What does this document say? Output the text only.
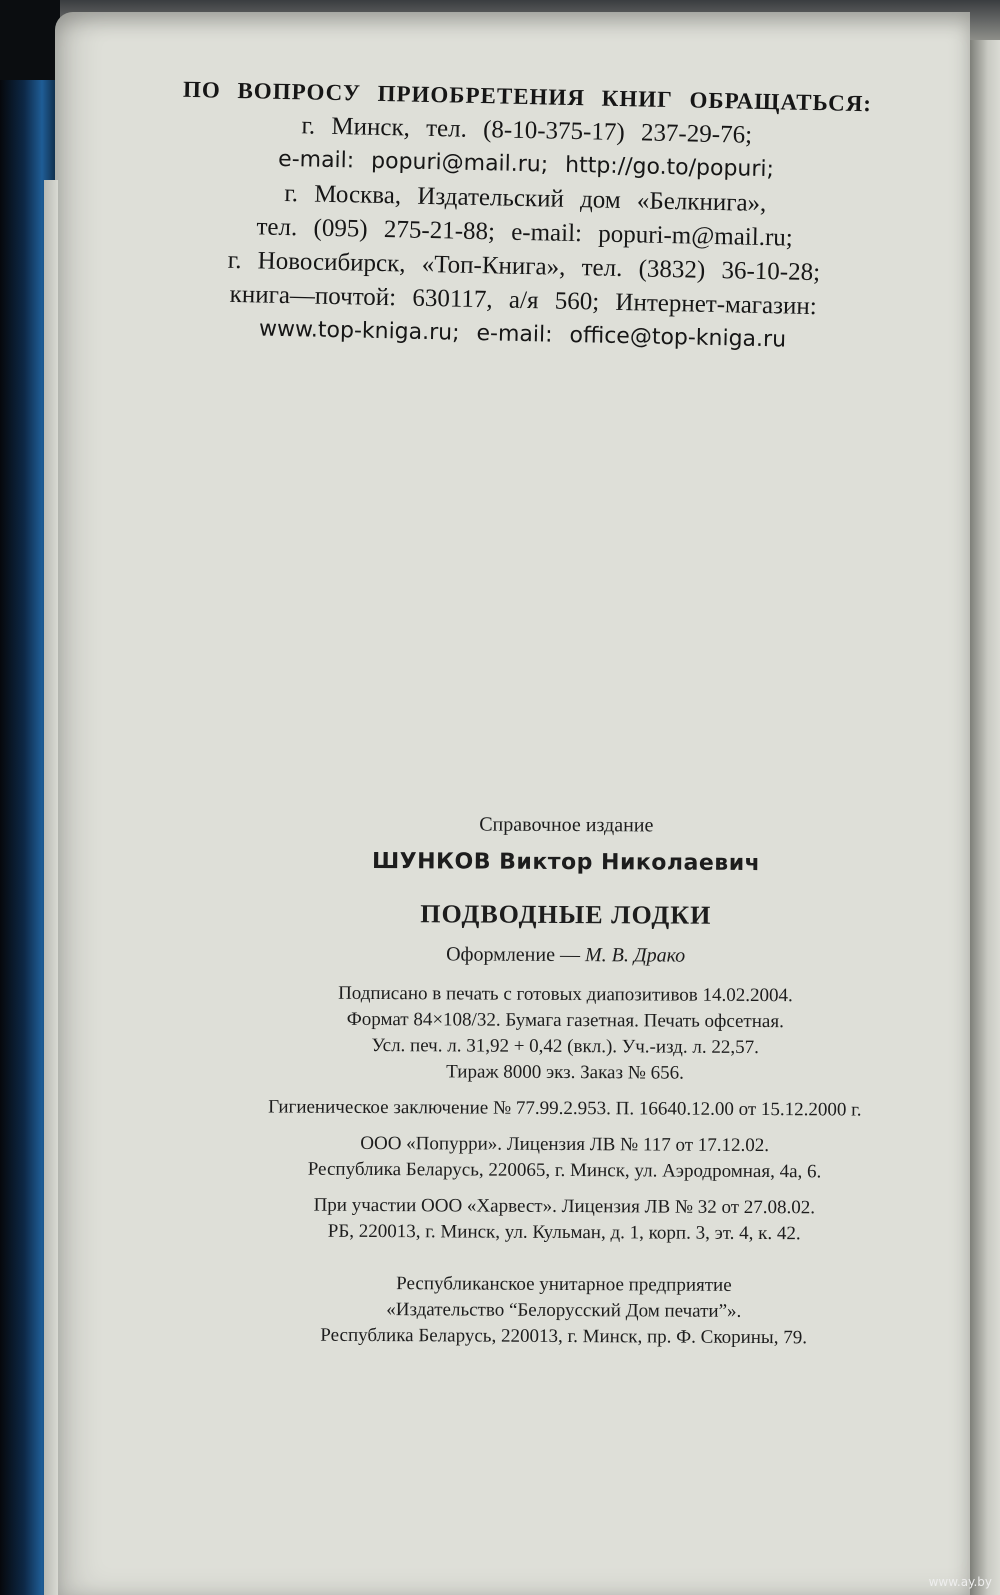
ПО ВОПРОСУ ПРИОБРЕТЕНИЯ КНИГ ОБРАЩАТЬСЯ:
г. Минск, тел. (8-10-375-17) 237-29-76;
e-mail: popuri@mail.ru; http://go.to/popuri;
г. Москва, Издательский дом «Белкнига»,
тел. (095) 275-21-88; e-mail: popuri-m@mail.ru;
г. Новосибирск, «Топ-Книга», тел. (3832) 36-10-28;
книга—почтой: 630117, а/я 560; Интернет-магазин:
www.top-kniga.ru; e-mail: office@top-kniga.ru
Справочное издание
ШУНКОВ Виктор Николаевич
ПОДВОДНЫЕ ЛОДКИ
Оформление — М. В. Драко
Подписано в печать с готовых диапозитивов 14.02.2004.
Формат 84×108/32. Бумага газетная. Печать офсетная.
Усл. печ. л. 31,92 + 0,42 (вкл.). Уч.-изд. л. 22,57.
Тираж 8000 экз. Заказ № 656.
Гигиеническое заключение № 77.99.2.953. П. 16640.12.00 от 15.12.2000 г.
ООО «Попурри». Лицензия ЛВ № 117 от 17.12.02.
Республика Беларусь, 220065, г. Минск, ул. Аэродромная, 4а, 6.
При участии ООО «Харвест». Лицензия ЛВ № 32 от 27.08.02.
РБ, 220013, г. Минск, ул. Кульман, д. 1, корп. 3, эт. 4, к. 42.
Республиканское унитарное предприятие
«Издательство “Белорусский Дом печати”».
Республика Беларусь, 220013, г. Минск, пр. Ф. Скорины, 79.
www.ay.by
